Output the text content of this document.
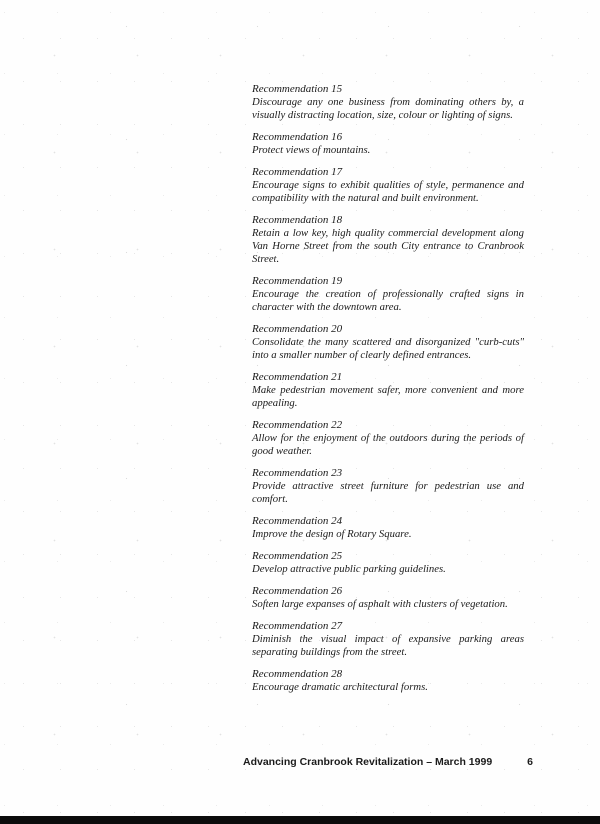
Recommendation 15
Discourage any one business from dominating others by, a
visually distracting location, size, colour or lighting of signs.
Recommendation 16
Protect views of mountains.
Recommendation 17
Encourage signs to exhibit qualities of style, permanence and
compatibility with the natural and built environment.
Recommendation 18
Retain a low key, high quality commercial development along
Van Horne Street from the south City entrance to Cranbrook
Street.
Recommendation 19
Encourage the creation of professionally crafted signs in
character with the downtown area.
Recommendation 20
Consolidate the many scattered and disorganized "curb-cuts"
into a smaller number of clearly defined entrances.
Recommendation 21
Make pedestrian movement safer, more convenient and more
appealing.
Recommendation 22
Allow for the enjoyment of the outdoors during the periods of
good weather.
Recommendation 23
Provide attractive street furniture for pedestrian use and
comfort.
Recommendation 24
Improve the design of Rotary Square.
Recommendation 25
Develop attractive public parking guidelines.
Recommendation 26
Soften large expanses of asphalt with clusters of vegetation.
Recommendation 27
Diminish the visual impact of expansive parking areas
separating buildings from the street.
Recommendation 28
Encourage dramatic architectural forms.
Advancing Cranbrook Revitalization – March 1999	6
